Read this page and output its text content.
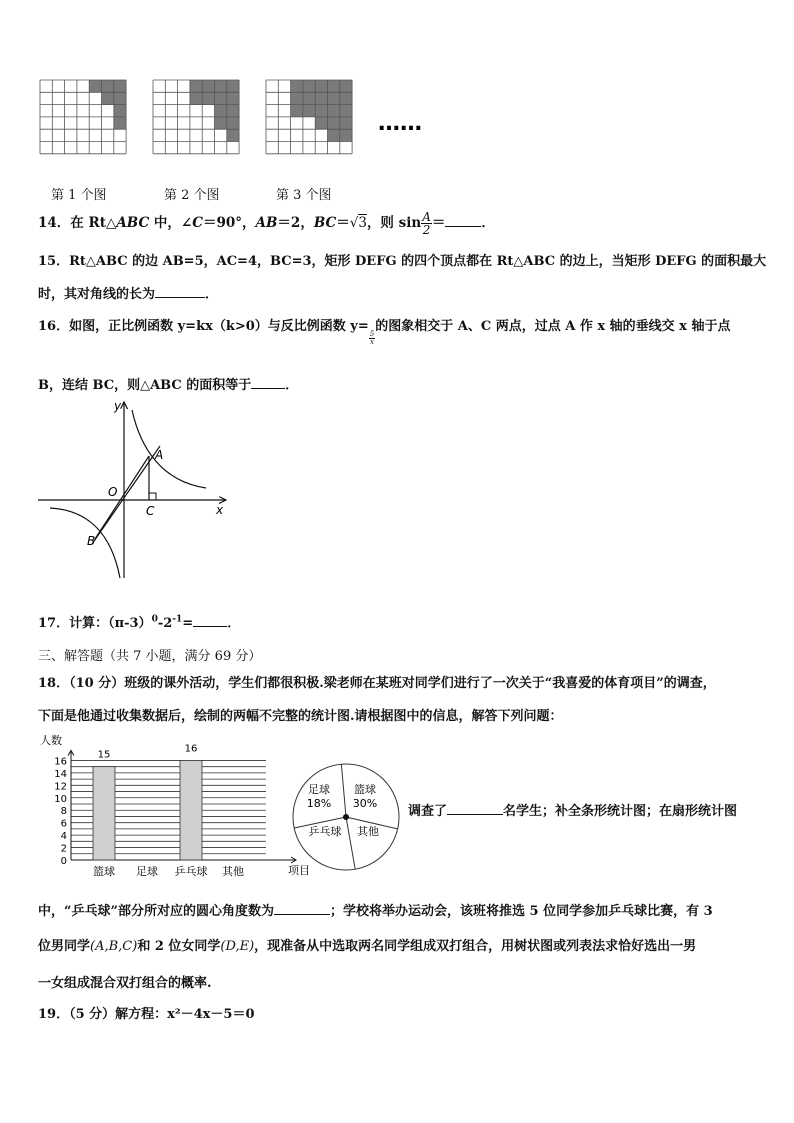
……
第 1 个图	第 2 个图	第 3 个图
14．在 Rt△ABC 中，∠C＝90°，AB＝2，BC＝√3，则 $\sin \frac{A}{2}$ ＝	．
15．Rt△ABC 的边 AB=5，AC=4，BC=3，矩形 DEFG 的四个顶点都在 Rt△ABC 的边上，当矩形 DEFG 的面积最大
时，其对角线的长为	．
16．如图，正比例函数 y=kx（k>0）与反比例函数 y=
$\frac{5}{x}$
的图象相交于 A、C 两点，过点 A 作 x 轴的垂线交 x 轴于点
B，连结 BC，则△ABC 的面积等于	．
y
x
O
A
B
C
17．计算：$(\pi-3)^0-2^{-1}=$	．
三、解答题（共 7 小题，满分 69 分）
18．（10 分）班级的课外活动，学生们都很积极.梁老师在某班对同学们进行了一次关于“我喜爱的体育项目”的调查，
下面是他通过收集数据后，绘制的两幅不完整的统计图.请根据图中的信息，解答下列问题：
0
2
4
6
8
10
12
14
16
人数
项目
15
篮球 足球
16
乒乓球 其他
篮球
30%
足球
18%
乒乓球 其他
调查了	名学生；补全条形统计图；在扇形统计图
中，“乒乓球”部分所对应的圆心角度数为	；学校将举办运动会，该班将推选 5 位同学参加乒乓球比赛，有 3
位男同学(A,B,C)和 2 位女同学(D,E)，现准备从中选取两名同学组成双打组合，用树状图或列表法求恰好选出一男
一女组成混合双打组合的概率.
19．（5 分）解方程：x²－4x－5＝0
